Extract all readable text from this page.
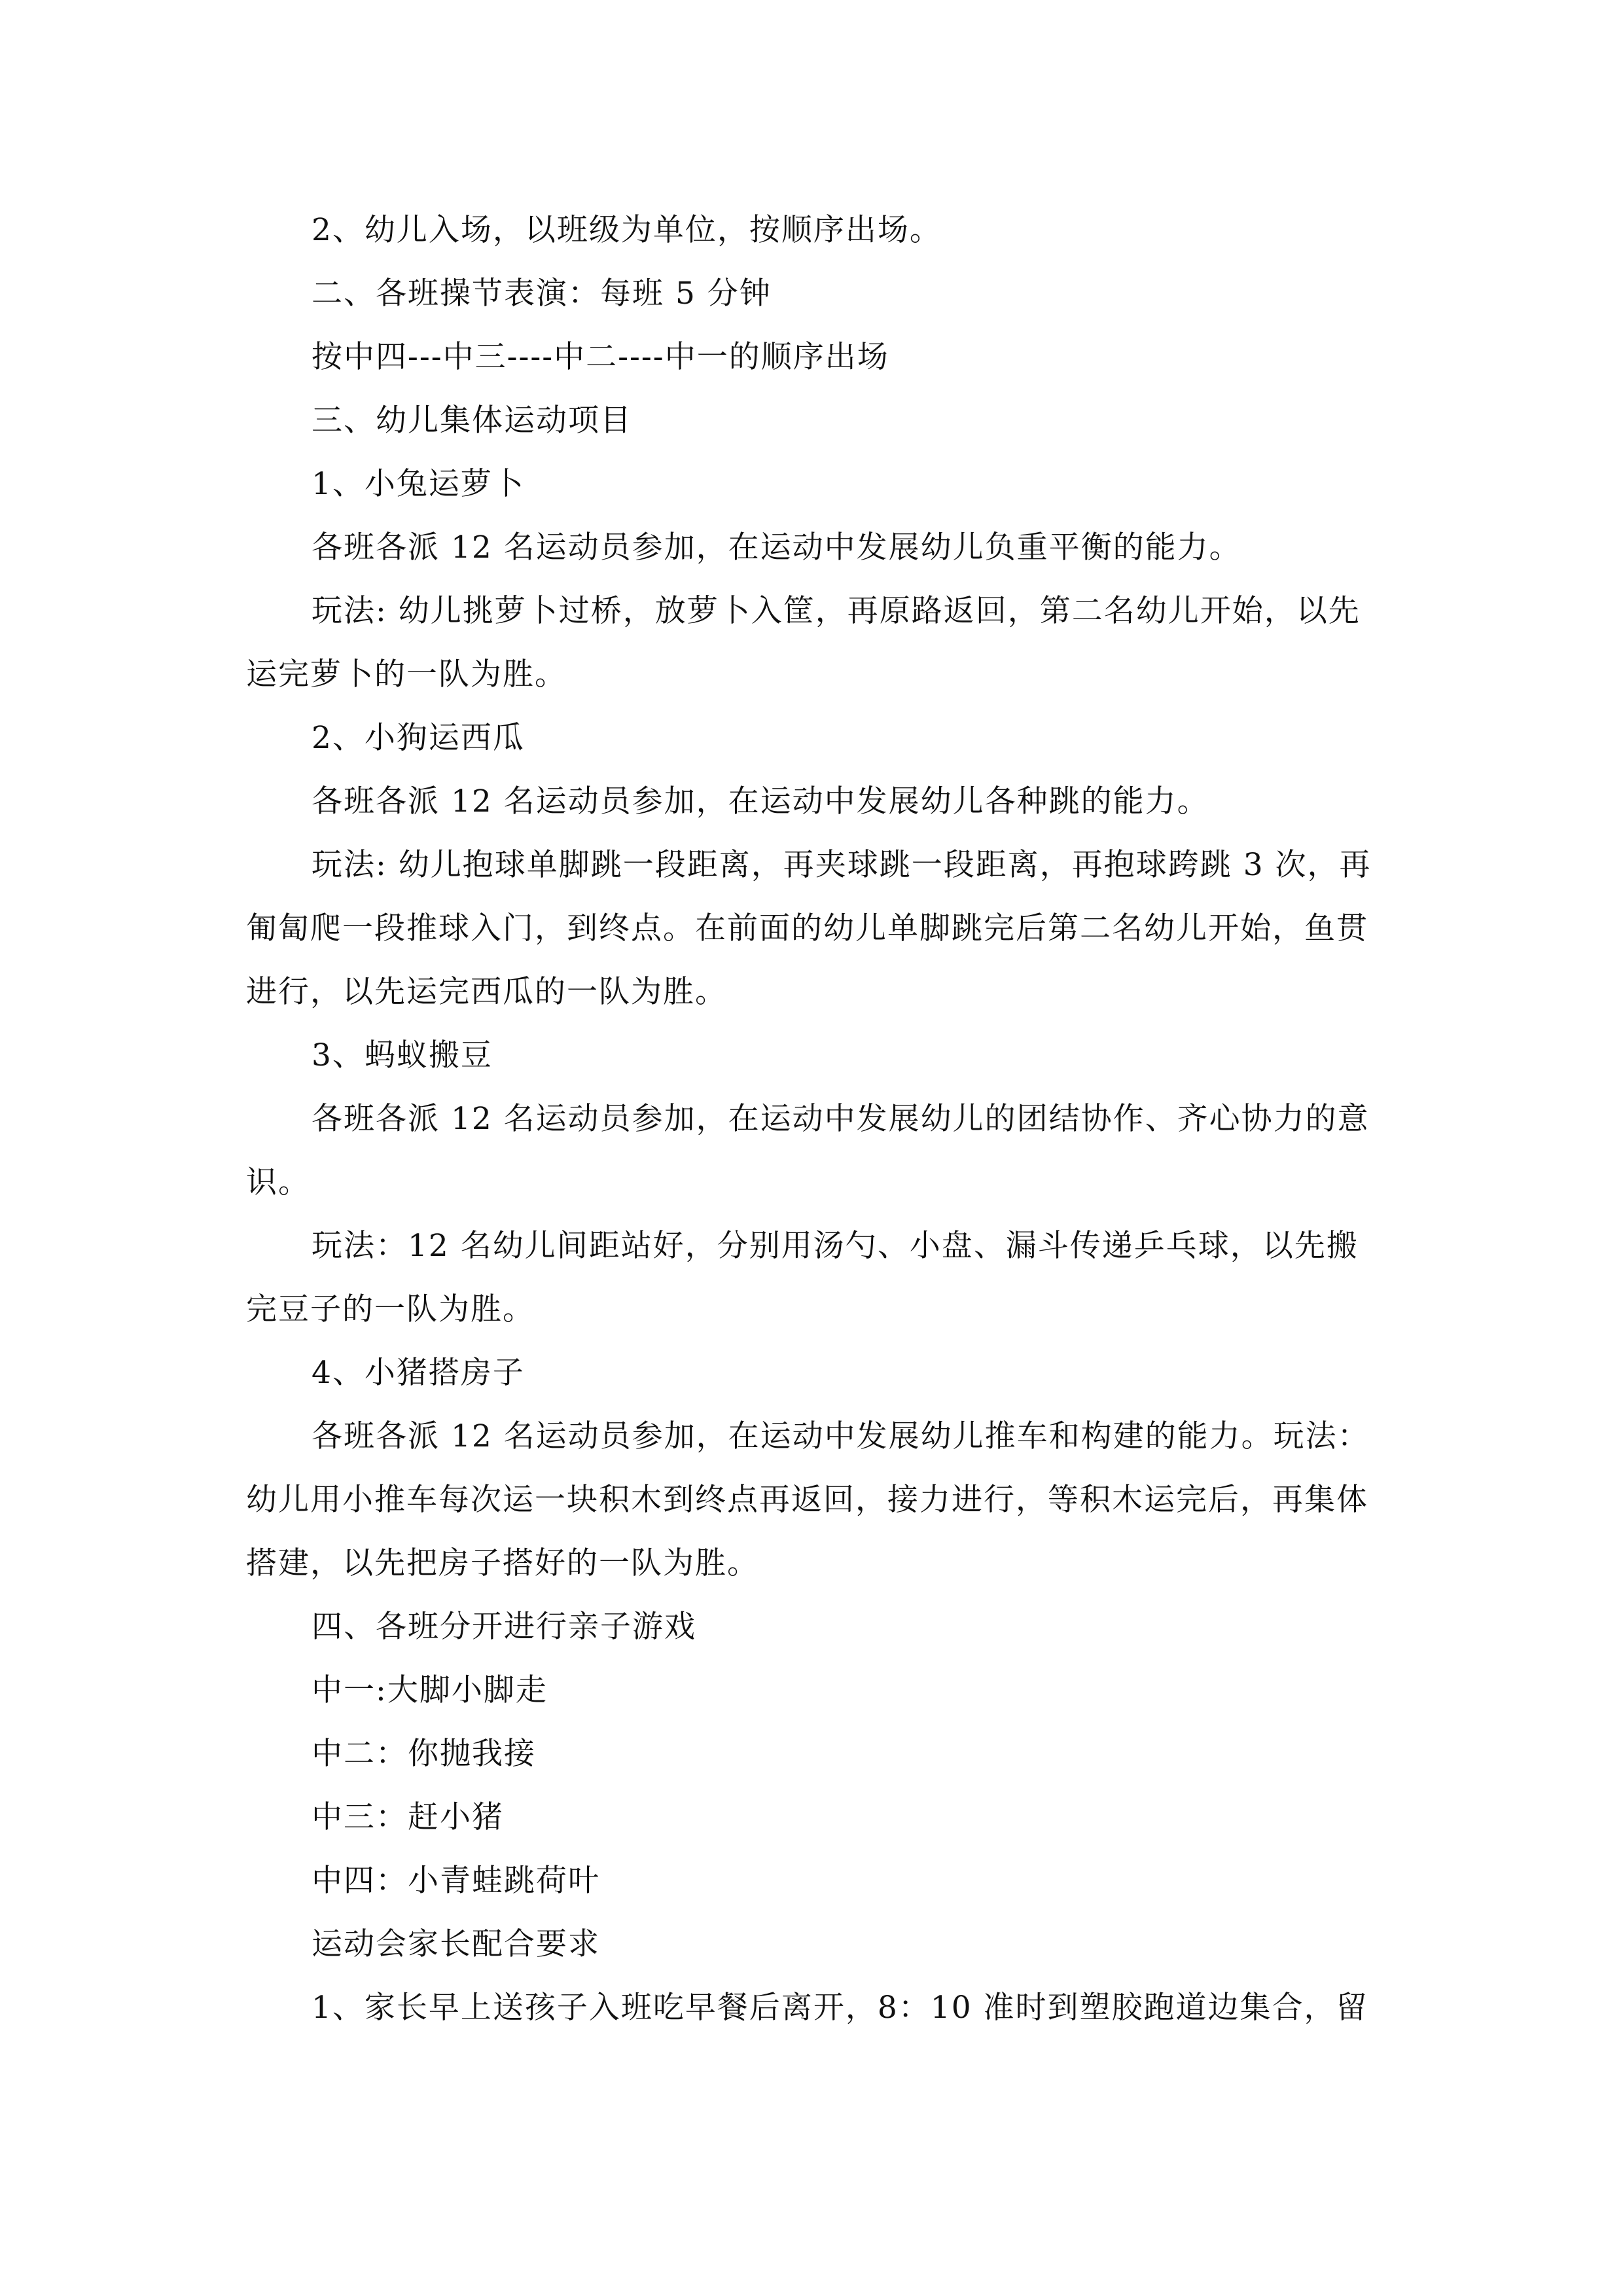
2、幼儿入场，以班级为单位，按顺序出场。
二、各班操节表演：每班 5 分钟
按中四---中三----中二----中一的顺序出场
三、幼儿集体运动项目
1、小兔运萝卜
各班各派 12 名运动员参加，在运动中发展幼儿负重平衡的能力。
玩法: 幼儿挑萝卜过桥，放萝卜入筐，再原路返回，第二名幼儿开始，以先
运完萝卜的一队为胜。
2、小狗运西瓜
各班各派 12 名运动员参加，在运动中发展幼儿各种跳的能力。
玩法: 幼儿抱球单脚跳一段距离，再夹球跳一段距离，再抱球跨跳 3 次，再
匍匐爬一段推球入门，到终点。在前面的幼儿单脚跳完后第二名幼儿开始，鱼贯
进行，以先运完西瓜的一队为胜。
3、蚂蚁搬豆
各班各派 12 名运动员参加，在运动中发展幼儿的团结协作、齐心协力的意
识。
玩法：12 名幼儿间距站好，分别用汤勺、小盘、漏斗传递乒乓球，以先搬
完豆子的一队为胜。
4、小猪搭房子
各班各派 12 名运动员参加，在运动中发展幼儿推车和构建的能力。玩法：
幼儿用小推车每次运一块积木到终点再返回，接力进行，等积木运完后，再集体
搭建，以先把房子搭好的一队为胜。
四、各班分开进行亲子游戏
中一:大脚小脚走
中二：你抛我接
中三：赶小猪
中四：小青蛙跳荷叶
运动会家长配合要求
1、家长早上送孩子入班吃早餐后离开，8：10 准时到塑胶跑道边集合，留
